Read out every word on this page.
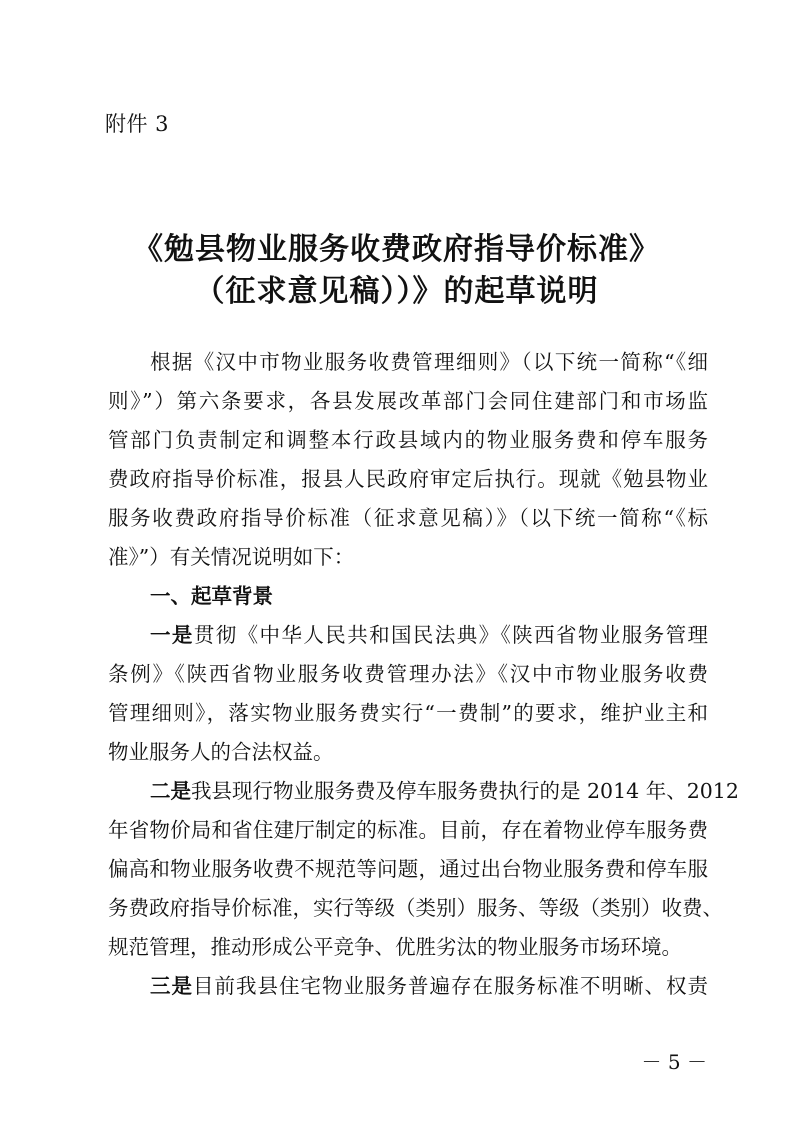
附件 3
《勉县物业服务收费政府指导价标准》
（征求意见稿））》的起草说明
根据《汉中市物业服务收费管理细则》（以下统一简称“《细
则》”）第六条要求，各县发展改革部门会同住建部门和市场监
管部门负责制定和调整本行政县域内的物业服务费和停车服务
费政府指导价标准，报县人民政府审定后执行。现就《勉县物业
服务收费政府指导价标准（征求意见稿）》（以下统一简称“《标
准》”）有关情况说明如下：
一、起草背景
一是贯彻《中华人民共和国民法典》《陕西省物业服务管理
条例》《陕西省物业服务收费管理办法》《汉中市物业服务收费
管理细则》，落实物业服务费实行“一费制”的要求，维护业主和
物业服务人的合法权益。
二是我县现行物业服务费及停车服务费执行的是 2014 年、2012
年省物价局和省住建厅制定的标准。目前，存在着物业停车服务费
偏高和物业服务收费不规范等问题，通过出台物业服务费和停车服
务费政府指导价标准，实行等级（类别）服务、等级（类别）收费、
规范管理，推动形成公平竞争、优胜劣汰的物业服务市场环境。
三是目前我县住宅物业服务普遍存在服务标准不明晰、权责
－ 5 －
